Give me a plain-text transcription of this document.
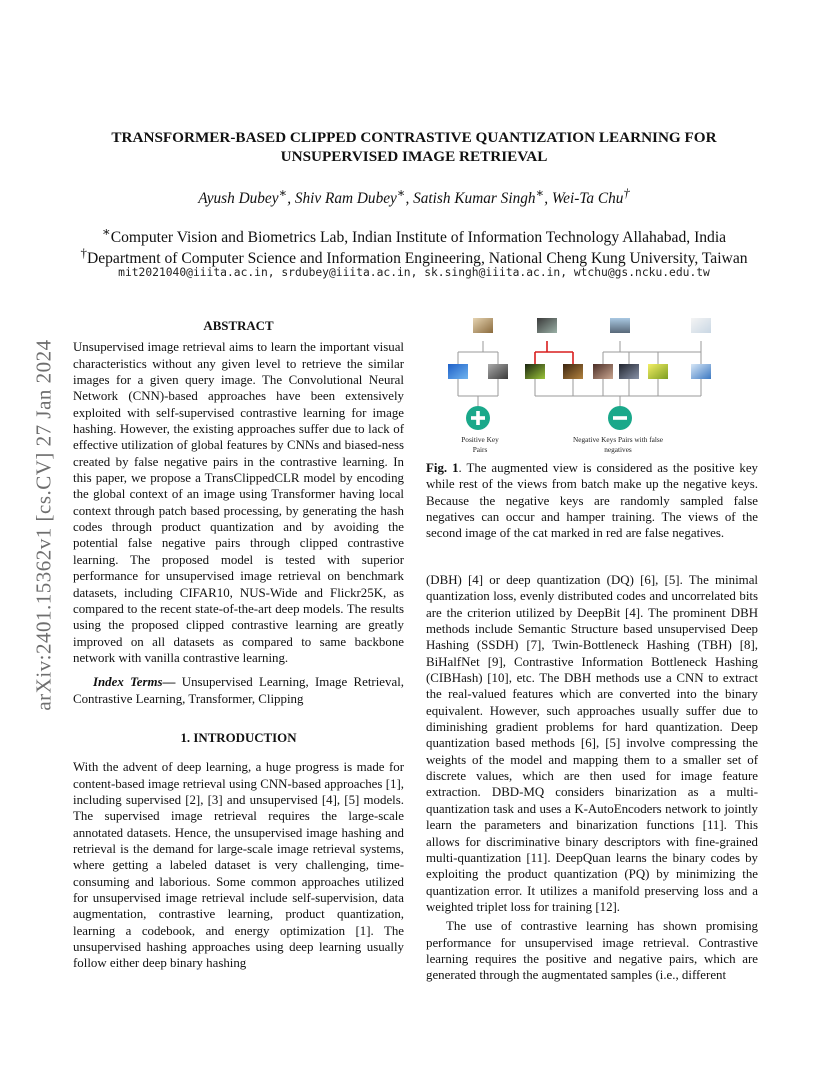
arXiv:2401.15362v1 [cs.CV] 27 Jan 2024
TRANSFORMER-BASED CLIPPED CONTRASTIVE QUANTIZATION LEARNING FOR
UNSUPERVISED IMAGE RETRIEVAL
Ayush Dubey∗, Shiv Ram Dubey∗, Satish Kumar Singh∗, Wei-Ta Chu†
∗Computer Vision and Biometrics Lab, Indian Institute of Information Technology Allahabad, India
†Department of Computer Science and Information Engineering, National Cheng Kung University, Taiwan
mit2021040@iiita.ac.in, srdubey@iiita.ac.in, sk.singh@iiita.ac.in, wtchu@gs.ncku.edu.tw
ABSTRACT

Unsupervised image retrieval aims to learn the important visual characteristics without any given level to retrieve the similar images for a given query image. The Convolutional Neural Network (CNN)-based approaches have been extensively exploited with self-supervised contrastive learning for image hashing. However, the existing approaches suffer due to lack of effective utilization of global features by CNNs and biased-ness created by false negative pairs in the contrastive learning. In this paper, we propose a TransClippedCLR model by encoding the global context of an image using Transformer having local context through patch based processing, by generating the hash codes through product quantization and by avoiding the potential false negative pairs through clipped contrastive learning. The proposed model is tested with superior performance for unsupervised image retrieval on benchmark datasets, including CIFAR10, NUS-Wide and Flickr25K, as compared to the recent state-of-the-art deep models. The results using the proposed clipped contrastive learning are greatly improved on all datasets as compared to same backbone network with vanilla contrastive learning.

Index Terms— Unsupervised Learning, Image Retrieval, Contrastive Learning, Transformer, Clipping

1. INTRODUCTION

With the advent of deep learning, a huge progress is made for content-based image retrieval using CNN-based approaches [1], including supervised [2], [3] and unsupervised [4], [5] models. The supervised image retrieval requires the large-scale annotated datasets. Hence, the unsupervised image hashing and retrieval is the demand for large-scale image retrieval systems, where getting a labeled dataset is very challenging, time-consuming and laborious. Some common approaches utilized for unsupervised image retrieval include self-supervision, data augmentation, contrastive learning, product quantization, learning a codebook, and energy optimization [1]. The unsupervised hashing approaches using deep learning usually follow either deep binary hashing

Positive Key
Pairs
Negative Keys Pairs with false
negatives
Fig. 1. The augmented view is considered as the positive key while rest of the views from batch make up the negative keys. Because the negative keys are randomly sampled false negatives can occur and hamper training. The views of the second image of the cat marked in red are false negatives.

(DBH) [4] or deep quantization (DQ) [6], [5]. The minimal quantization loss, evenly distributed codes and uncorrelated bits are the criterion utilized by DeepBit [4]. The prominent DBH methods include Semantic Structure based unsupervised Deep Hashing (SSDH) [7], Twin-Bottleneck Hashing (TBH) [8], BiHalfNet [9], Contrastive Information Bottleneck Hashing (CIBHash) [10], etc. The DBH methods use a CNN to extract the real-valued features which are converted into the binary equivalent. However, such approaches usually suffer due to diminishing gradient problems for hard quantization. Deep quantization based methods [6], [5] involve compressing the weights of the model and mapping them to a smaller set of discrete values, which are then used for image feature extraction. DBD-MQ considers binarization as a multi-quantization task and uses a K-AutoEncoders network to jointly learn the parameters and binarization functions [11]. This allows for discriminative binary descriptors with fine-grained multi-quantization [11]. DeepQuan learns the binary codes by exploiting the product quantization (PQ) by minimizing the quantization error. It utilizes a manifold preserving loss and a weighted triplet loss for training [12].

The use of contrastive learning has shown promising performance for unsupervised image retrieval. Contrastive learning requires the positive and negative pairs, which are generated through the augmentated samples (i.e., different
